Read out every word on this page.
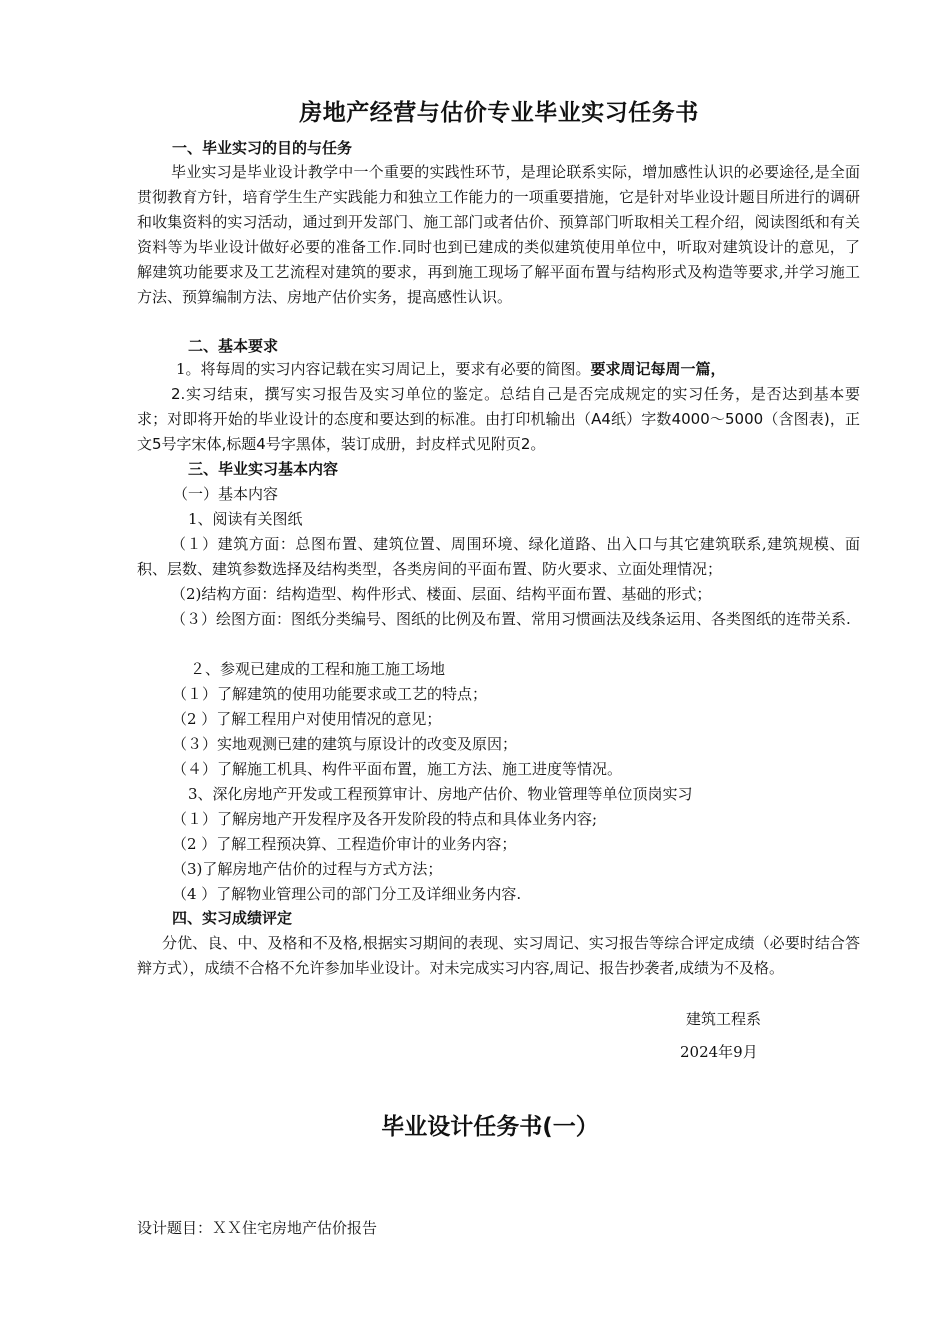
房地产经营与估价专业毕业实习任务书
一、毕业实习的目的与任务
毕业实习是毕业设计教学中一个重要的实践性环节，是理论联系实际，增加感性认识的必要途径,是全面贯彻教育方针，培育学生生产实践能力和独立工作能力的一项重要措施，它是针对毕业设计题目所进行的调研和收集资料的实习活动，通过到开发部门、施工部门或者估价、预算部门听取相关工程介绍，阅读图纸和有关资料等为毕业设计做好必要的准备工作.同时也到已建成的类似建筑使用单位中，听取对建筑设计的意见，了解建筑功能要求及工艺流程对建筑的要求，再到施工现场了解平面布置与结构形式及构造等要求,并学习施工方法、预算编制方法、房地产估价实务，提高感性认识。
二、基本要求
1。将每周的实习内容记载在实习周记上，要求有必要的简图。要求周记每周一篇，
2.实习结束，撰写实习报告及实习单位的鉴定。总结自己是否完成规定的实习任务，是否达到基本要求；对即将开始的毕业设计的态度和要达到的标准。由打印机输出（A4纸）字数4000～5000（含图表)，正文5号字宋体,标题4号字黑体，装订成册，封皮样式见附页2。
三、毕业实习基本内容
（一）基本内容
1、阅读有关图纸
（１）建筑方面：总图布置、建筑位置、周围环境、绿化道路、出入口与其它建筑联系,建筑规模、面积、层数、建筑参数选择及结构类型，各类房间的平面布置、防火要求、立面处理情况；
（2)结构方面：结构造型、构件形式、楼面、层面、结构平面布置、基础的形式；
（３）绘图方面：图纸分类编号、图纸的比例及布置、常用习惯画法及线条运用、各类图纸的连带关系.
２、参观已建成的工程和施工施工场地
（１）了解建筑的使用功能要求或工艺的特点；
（2 ）了解工程用户对使用情况的意见；
（３）实地观测已建的建筑与原设计的改变及原因；
（４）了解施工机具、构件平面布置，施工方法、施工进度等情况。
3、深化房地产开发或工程预算审计、房地产估价、物业管理等单位顶岗实习
（１）了解房地产开发程序及各开发阶段的特点和具体业务内容;
（2 ）了解工程预决算、工程造价审计的业务内容；
（3)了解房地产估价的过程与方式方法；
（4 ）了解物业管理公司的部门分工及详细业务内容.
四、实习成绩评定
分优、良、中、及格和不及格,根据实习期间的表现、实习周记、实习报告等综合评定成绩（必要时结合答辩方式），成绩不合格不允许参加毕业设计。对未完成实习内容,周记、报告抄袭者,成绩为不及格。
建筑工程系
2024年9月
毕业设计任务书(一）
设计题目：ＸＸ住宅房地产估价报告
